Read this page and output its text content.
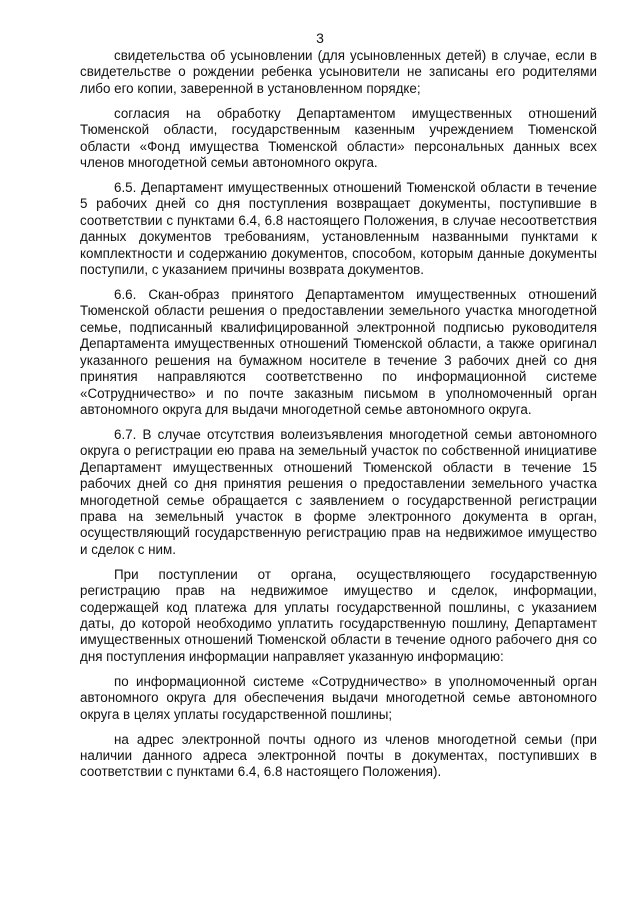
3

свидетельства об усыновлении (для усыновленных детей) в случае, если в свидетельстве о рождении ребенка усыновители не записаны его родителями либо его копии, заверенной в установленном порядке;

согласия на обработку Департаментом имущественных отношений Тюменской области, государственным казенным учреждением Тюменской области «Фонд имущества Тюменской области» персональных данных всех членов многодетной семьи автономного округа.

6.5. Департамент имущественных отношений Тюменской области в течение 5 рабочих дней со дня поступления возвращает документы, поступившие в соответствии с пунктами 6.4, 6.8 настоящего Положения, в случае несоответствия данных документов требованиям, установленным названными пунктами к комплектности и содержанию документов, способом, которым данные документы поступили, с указанием причины возврата документов.

6.6. Скан-образ принятого Департаментом имущественных отношений Тюменской области решения о предоставлении земельного участка многодетной семье, подписанный квалифицированной электронной подписью руководителя Департамента имущественных отношений Тюменской области, а также оригинал указанного решения на бумажном носителе в течение 3 рабочих дней со дня принятия направляются соответственно по информационной системе «Сотрудничество» и по почте заказным письмом в уполномоченный орган автономного округа для выдачи многодетной семье автономного округа.

6.7. В случае отсутствия волеизъявления многодетной семьи автономного округа о регистрации ею права на земельный участок по собственной инициативе Департамент имущественных отношений Тюменской области в течение 15 рабочих дней со дня принятия решения о предоставлении земельного участка многодетной семье обращается с заявлением о государственной регистрации права на земельный участок в форме электронного документа в орган, осуществляющий государственную регистрацию прав на недвижимое имущество и сделок с ним.

При поступлении от органа, осуществляющего государственную регистрацию прав на недвижимое имущество и сделок, информации, содержащей код платежа для уплаты государственной пошлины, с указанием даты, до которой необходимо уплатить государственную пошлину, Департамент имущественных отношений Тюменской области в течение одного рабочего дня со дня поступления информации направляет указанную информацию:

по информационной системе «Сотрудничество» в уполномоченный орган автономного округа для обеспечения выдачи многодетной семье автономного округа в целях уплаты государственной пошлины;

на адрес электронной почты одного из членов многодетной семьи (при наличии данного адреса электронной почты в документах, поступивших в соответствии с пунктами 6.4, 6.8 настоящего Положения).
